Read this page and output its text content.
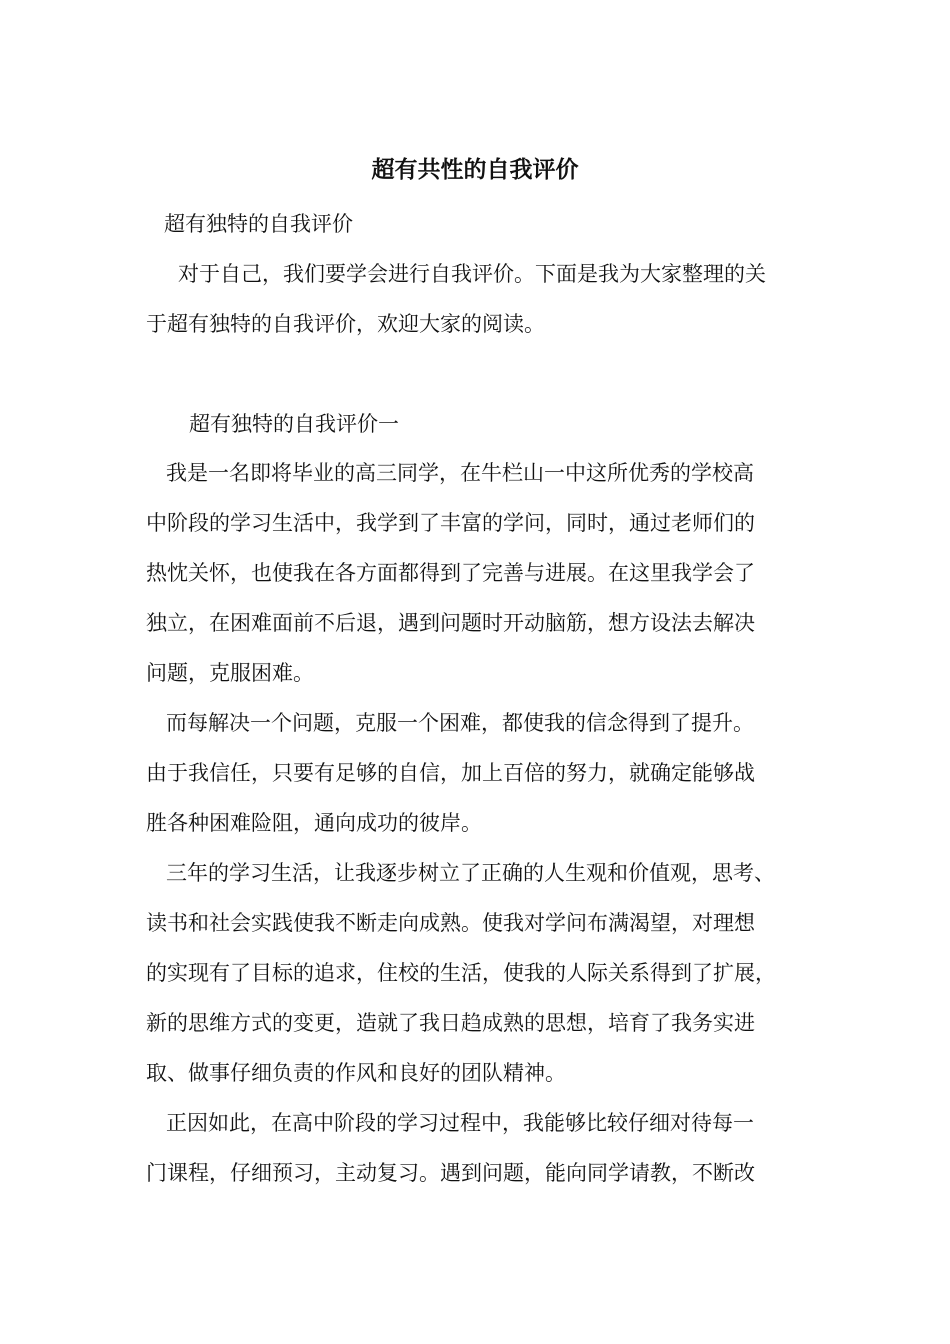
超有共性的自我评价
超有独特的自我评价
对于自己，我们要学会进行自我评价。下面是我为大家整理的关
于超有独特的自我评价，欢迎大家的阅读。
超有独特的自我评价一
我是一名即将毕业的高三同学，在牛栏山一中这所优秀的学校高
中阶段的学习生活中，我学到了丰富的学问，同时，通过老师们的
热忱关怀，也使我在各方面都得到了完善与进展。在这里我学会了
独立，在困难面前不后退，遇到问题时开动脑筋，想方设法去解决
问题，克服困难。
而每解决一个问题，克服一个困难，都使我的信念得到了提升。
由于我信任，只要有足够的自信，加上百倍的努力，就确定能够战
胜各种困难险阻，通向成功的彼岸。
三年的学习生活，让我逐步树立了正确的人生观和价值观，思考、
读书和社会实践使我不断走向成熟。使我对学问布满渴望，对理想
的实现有了目标的追求，住校的生活，使我的人际关系得到了扩展，
新的思维方式的变更，造就了我日趋成熟的思想，培育了我务实进
取、做事仔细负责的作风和良好的团队精神。
正因如此，在高中阶段的学习过程中，我能够比较仔细对待每一
门课程，仔细预习，主动复习。遇到问题，能向同学请教，不断改
